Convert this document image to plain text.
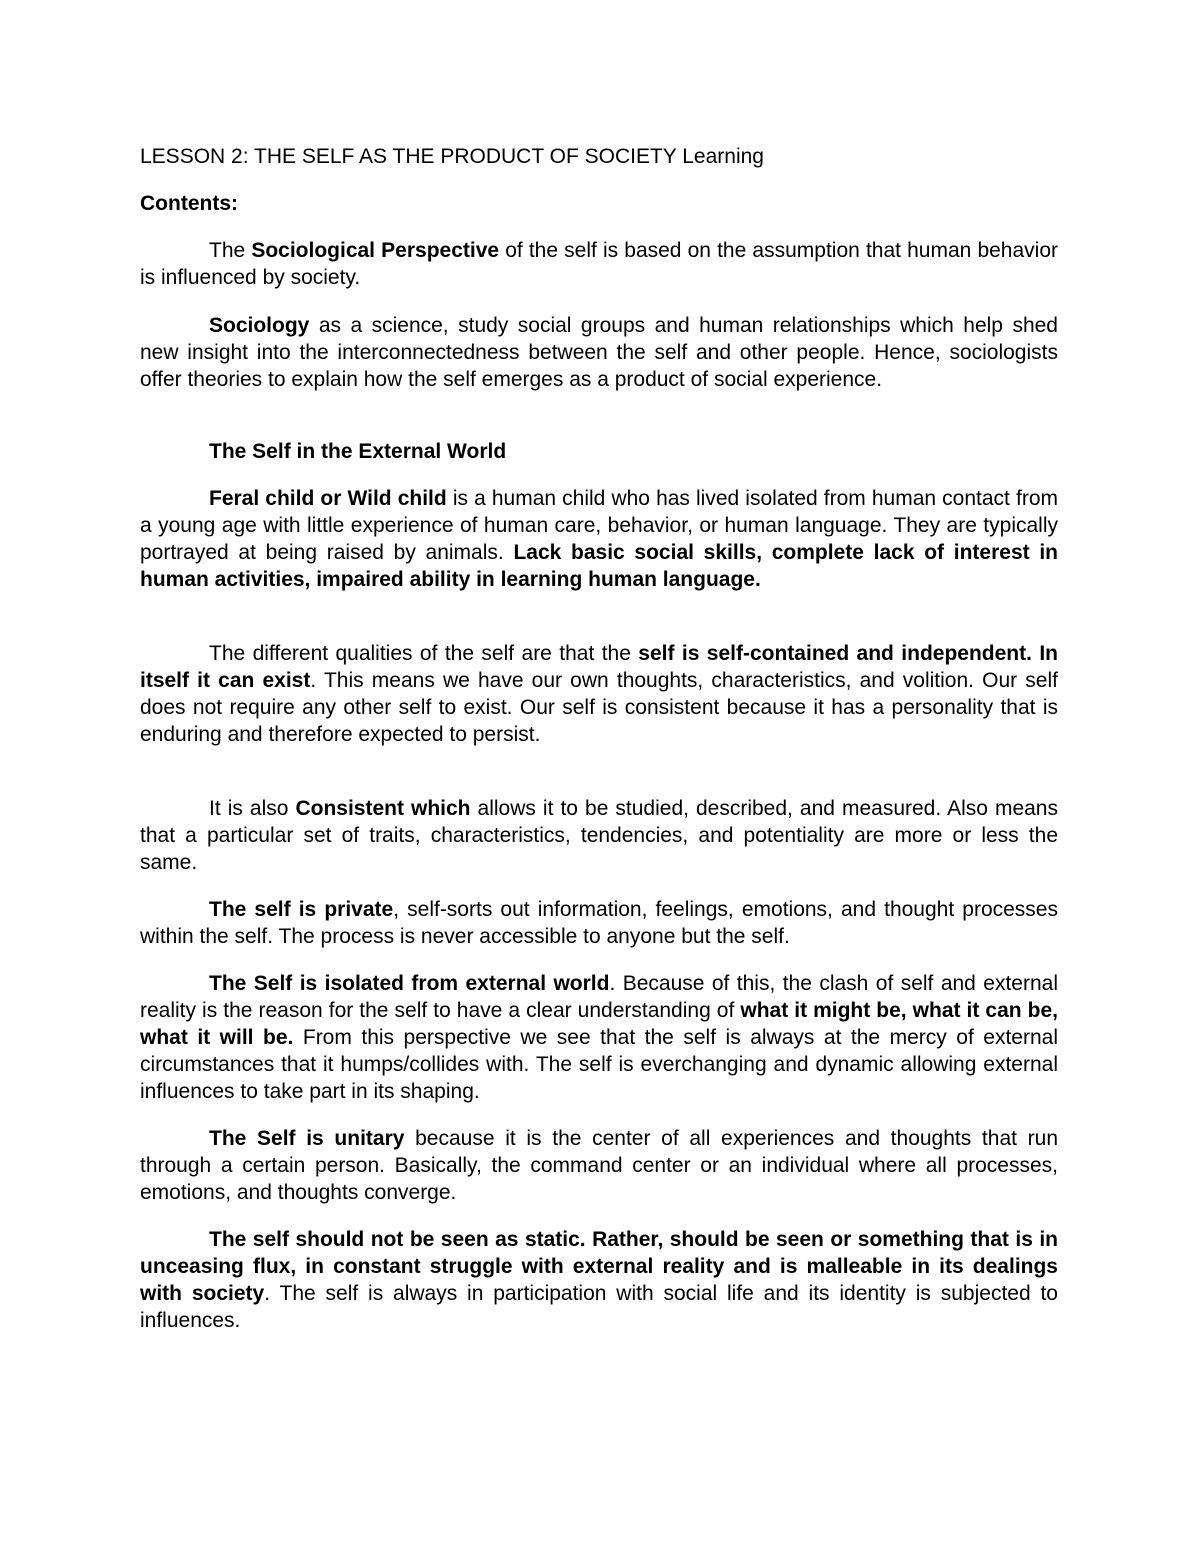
LESSON 2: THE SELF AS THE PRODUCT OF SOCIETY Learning
Contents:

The Sociological Perspective of the self is based on the assumption that human behavior is influenced by society.

Sociology as a science, study social groups and human relationships which help shed new insight into the interconnectedness between the self and other people. Hence, sociologists offer theories to explain how the self emerges as a product of social experience.

The Self in the External World

Feral child or Wild child is a human child who has lived isolated from human contact from a young age with little experience of human care, behavior, or human language. They are typically portrayed at being raised by animals. Lack basic social skills, complete lack of interest in human activities, impaired ability in learning human language.

The different qualities of the self are that the self is self-contained and independent. In itself it can exist. This means we have our own thoughts, characteristics, and volition. Our self does not require any other self to exist. Our self is consistent because it has a personality that is enduring and therefore expected to persist.

It is also Consistent which allows it to be studied, described, and measured. Also means that a particular set of traits, characteristics, tendencies, and potentiality are more or less the same.

The self is private, self-sorts out information, feelings, emotions, and thought processes within the self. The process is never accessible to anyone but the self.

The Self is isolated from external world. Because of this, the clash of self and external reality is the reason for the self to have a clear understanding of what it might be, what it can be, what it will be. From this perspective we see that the self is always at the mercy of external circumstances that it humps/collides with. The self is everchanging and dynamic allowing external influences to take part in its shaping.

The Self is unitary because it is the center of all experiences and thoughts that run through a certain person. Basically, the command center or an individual where all processes, emotions, and thoughts converge.

The self should not be seen as static. Rather, should be seen or something that is in unceasing flux, in constant struggle with external reality and is malleable in its dealings with society. The self is always in participation with social life and its identity is subjected to influences.
